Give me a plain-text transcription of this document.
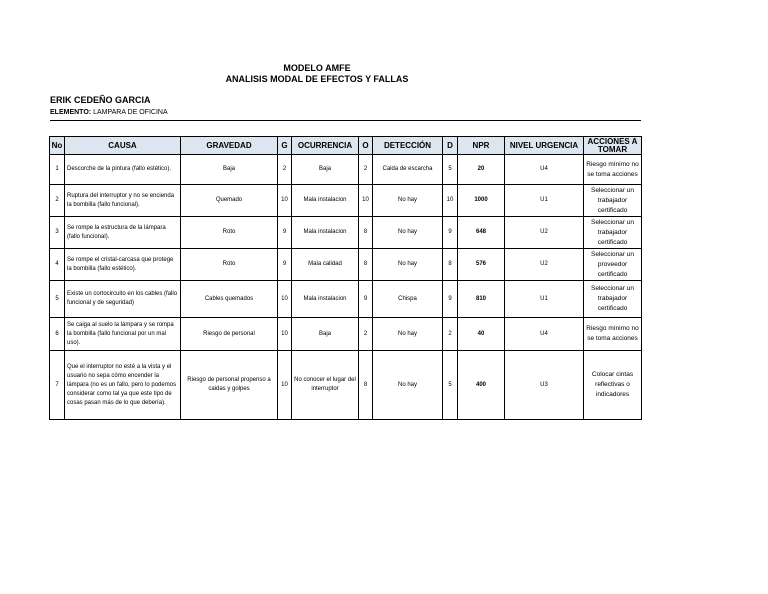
MODELO AMFE
ANALISIS MODAL DE EFECTOS Y FALLAS
ERIK CEDEÑO GARCIA
ELEMENTO: LAMPARA DE OFICINA
No	CAUSA	GRAVEDAD	G	OCURRENCIA	O	DETECCIÓN	D	NPR	NIVEL URGENCIA	ACCIONES A TOMAR
1	Descorche de la pintura (fallo estético).	Baja	2	Baja	2	Caida de escarcha	5	20	U4	Riesgo mínimo no se toma acciones
2	Ruptura del interruptor y no se encienda la bombilla (fallo funcional).	Quemado	10	Mala instalacion	10	No hay	10	1000	U1	Seleccionar un trabajador certificado
3	Se rompe la estructura de la lámpara (fallo funcional).	Roto	9	Mala instalacion	8	No hay	9	648	U2	Seleccionar un trabajador certificado
4	Se rompe el cristal-carcasa que protege la bombilla (fallo estético).	Roto	9	Mala calidad	8	No hay	8	576	U2	Seleccionar un proveedor certificado
5	Existe un cortocircuito en los cables (fallo funcional y de seguridad)	Cables quemados	10	Mala instalacion	9	Chispa	9	810	U1	Seleccionar un trabajador certificado
6	Se caiga al suelo la lámpara y se rompa la bombilla (fallo funcional por un mal uso).	Riesgo de personal	10	Baja	2	No hay	2	40	U4	Riesgo mínimo no se toma acciones
7	Que el interruptor no esté a la vista y el usuario no sepa cómo encender la lámpara (no es un fallo, pero lo podemos considerar como tal ya que este tipo de cosas pasan más de lo que debería).	Riesgo de personal propenso a caidas y golpes	10	No conocer el lugar del interruptor	8	No hay	5	400	U3	Colocar cintas reflectivas o indicadores
